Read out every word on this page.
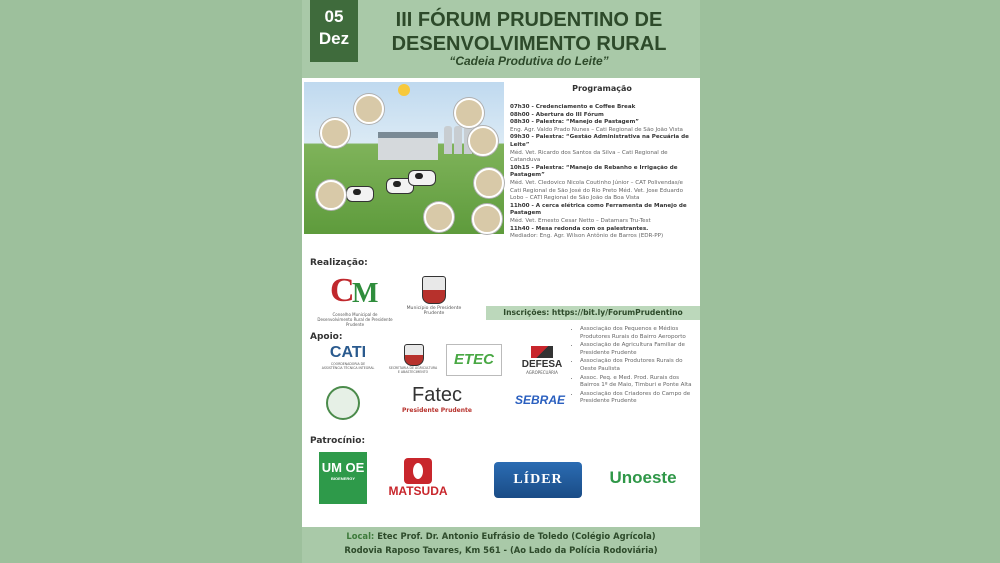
05
Dez
III FÓRUM PRUDENTINO DE
DESENVOLVIMENTO RURAL
“Cadeia Produtiva do Leite”
Programação
07h30 - Credenciamento e Coffee Break
08h00 - Abertura do III Fórum
08h30 - Palestra: “Manejo de Pastagem”
Eng. Agr. Valdo Prado Nunes – Cati Regional de São João Vista
09h30 - Palestra: “Gestão Administrativa na Pecuária de Leite”
Méd. Vet. Ricardo dos Santos da Silva – Cati Regional de Catanduva
10h15 - Palestra: “Manejo de Rebanho e Irrigação de Pastagem”
Méd. Vet. Cledovico Nicola Coutinho Júnior – CAT Polivendas/e Cati Regional de São José do Rio Preto Méd. Vet. Jose Eduardo Lobo – CATI Regional de São João da Boa Vista
11h00 - A cerca elétrica como Ferramenta de Manejo de Pastagem
Méd. Vet. Ernesto Cesar Netto – Datamars Tru-Test
11h40 - Mesa redonda com os palestrantes.
Mediador: Eng. Agr. Wilson Antônio de Barros (EDR-PP)
Realização:
C
M
Conselho Municipal de Desenvolvimento Rural de Presidente Prudente
Município de Presidente Prudente	Inscrições: https://bit.ly/ForumPrudentino
Apoio:
CATI
COORDENADORIA DE ASSISTÊNCIA TÉCNICA INTEGRAL	SECRETARIA DE AGRICULTURA E ABASTECIMENTO
ETEC	DEFESA
AGROPECUÁRIA
Fatec
Presidente Prudente
SEBRAE
• Associação dos Pequenos e Médios Produtores Rurais do Bairro Aeroporto
• Associação de Agricultura Familiar de Presidente Prudente
• Associação dos Produtores Rurais do Oeste Paulista
• Assoc. Peq. e Med. Prod. Rurais dos Bairros 1º de Maio, Timburi e Ponte Alta
• Associação dos Criadores do Campo de Presidente Prudente
Patrocínio:
UM OE
BIOENERGY
MATSUDA
LÍDER	Unoeste
Local: Etec Prof. Dr. Antonio Eufrásio de Toledo (Colégio Agrícola)
Rodovia Raposo Tavares, Km 561 - (Ao Lado da Polícia Rodoviária)
